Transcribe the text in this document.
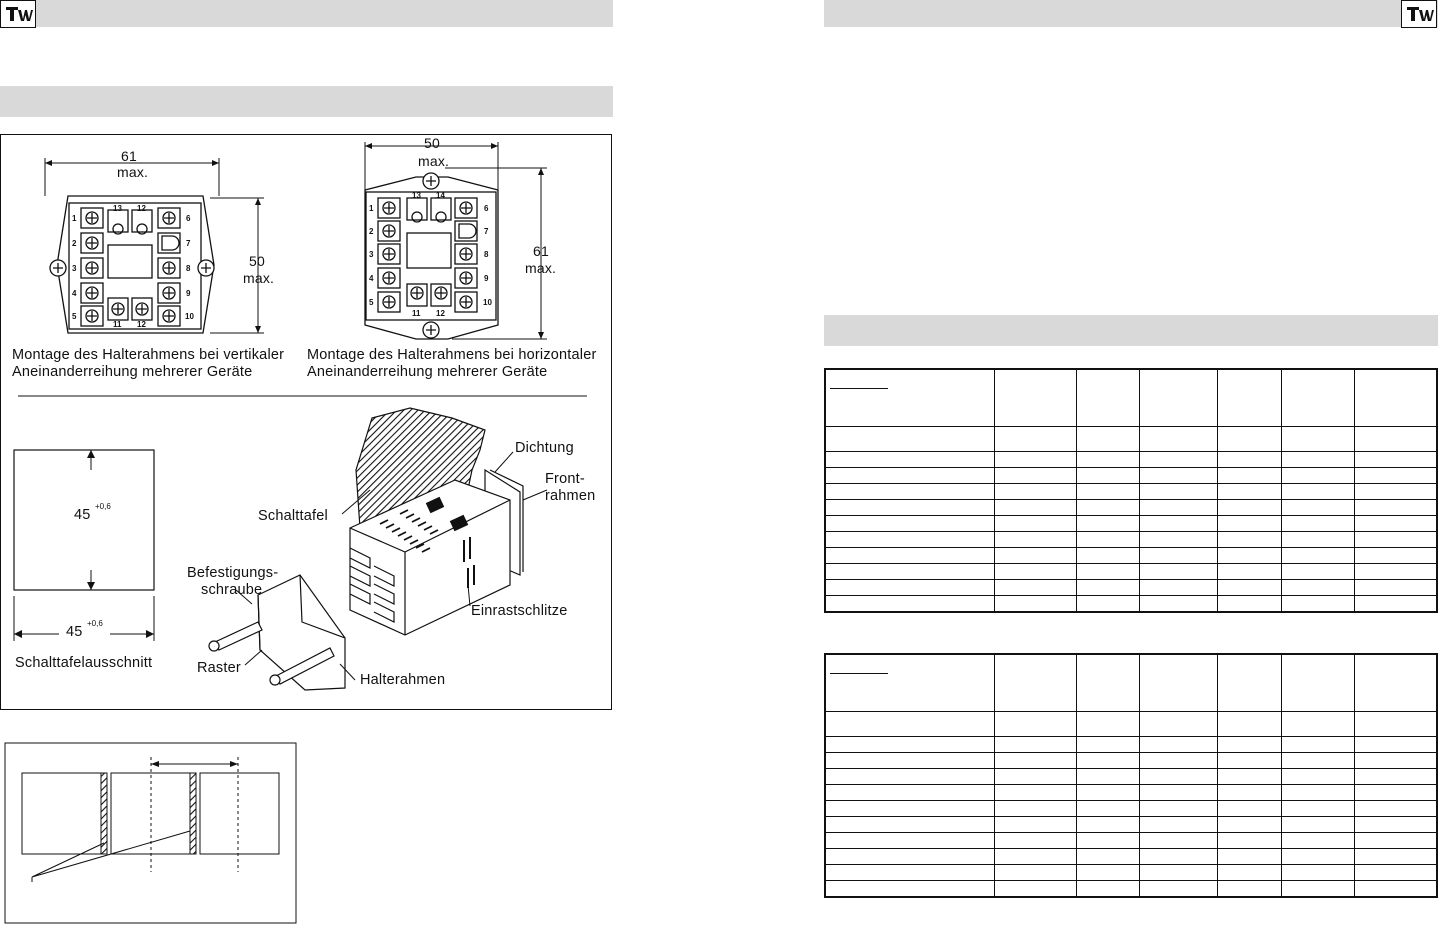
1
2
3
4
5
6
7
8
9
10
13 12
11 12
1
2
3
4
5
6
7
8
9
10
13 14
11 12
61
max.
50
max.
50
max.
61
max.
Montage des Halterahmens bei vertikaler
Aneinanderreihung mehrerer Geräte
Montage des Halterahmens bei horizontaler
Aneinanderreihung mehrerer Geräte
45
+0,6
45
+0,6
Schalttafelausschnitt
Schalttafel
Dichtung
Front-
rahmen
Befestigungs-
schraube
Raster
Einrastschlitze
Halterahmen
